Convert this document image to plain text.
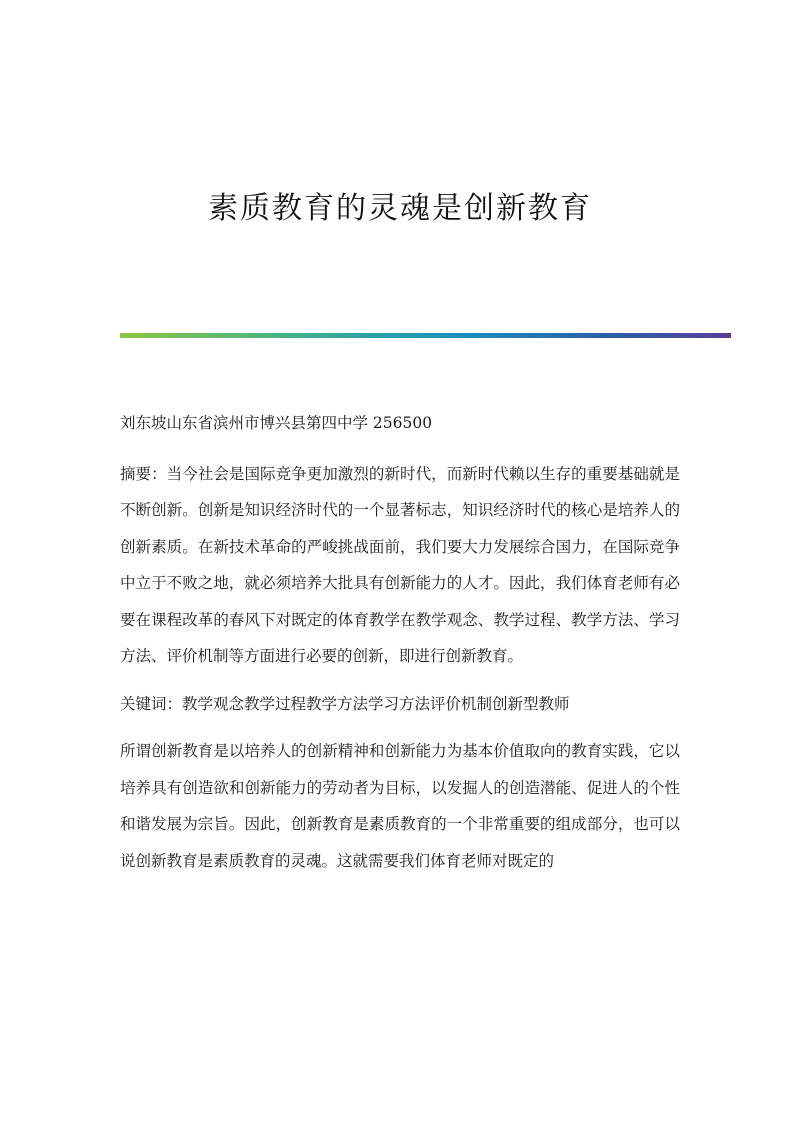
素质教育的灵魂是创新教育

刘东坡山东省滨州市博兴县第四中学 256500

摘要：当今社会是国际竞争更加激烈的新时代，而新时代赖以生存的重要基础就是不断创新。创新是知识经济时代的一个显著标志，知识经济时代的核心是培养人的创新素质。在新技术革命的严峻挑战面前，我们要大力发展综合国力，在国际竞争中立于不败之地，就必须培养大批具有创新能力的人才。因此，我们体育老师有必要在课程改革的春风下对既定的体育教学在教学观念、教学过程、教学方法、学习方法、评价机制等方面进行必要的创新，即进行创新教育。

关键词：教学观念教学过程教学方法学习方法评价机制创新型教师

所谓创新教育是以培养人的创新精神和创新能力为基本价值取向的教育实践，它以培养具有创造欲和创新能力的劳动者为目标，以发掘人的创造潜能、促进人的个性和谐发展为宗旨。因此，创新教育是素质教育的一个非常重要的组成部分，也可以说创新教育是素质教育的灵魂。这就需要我们体育老师对既定的
